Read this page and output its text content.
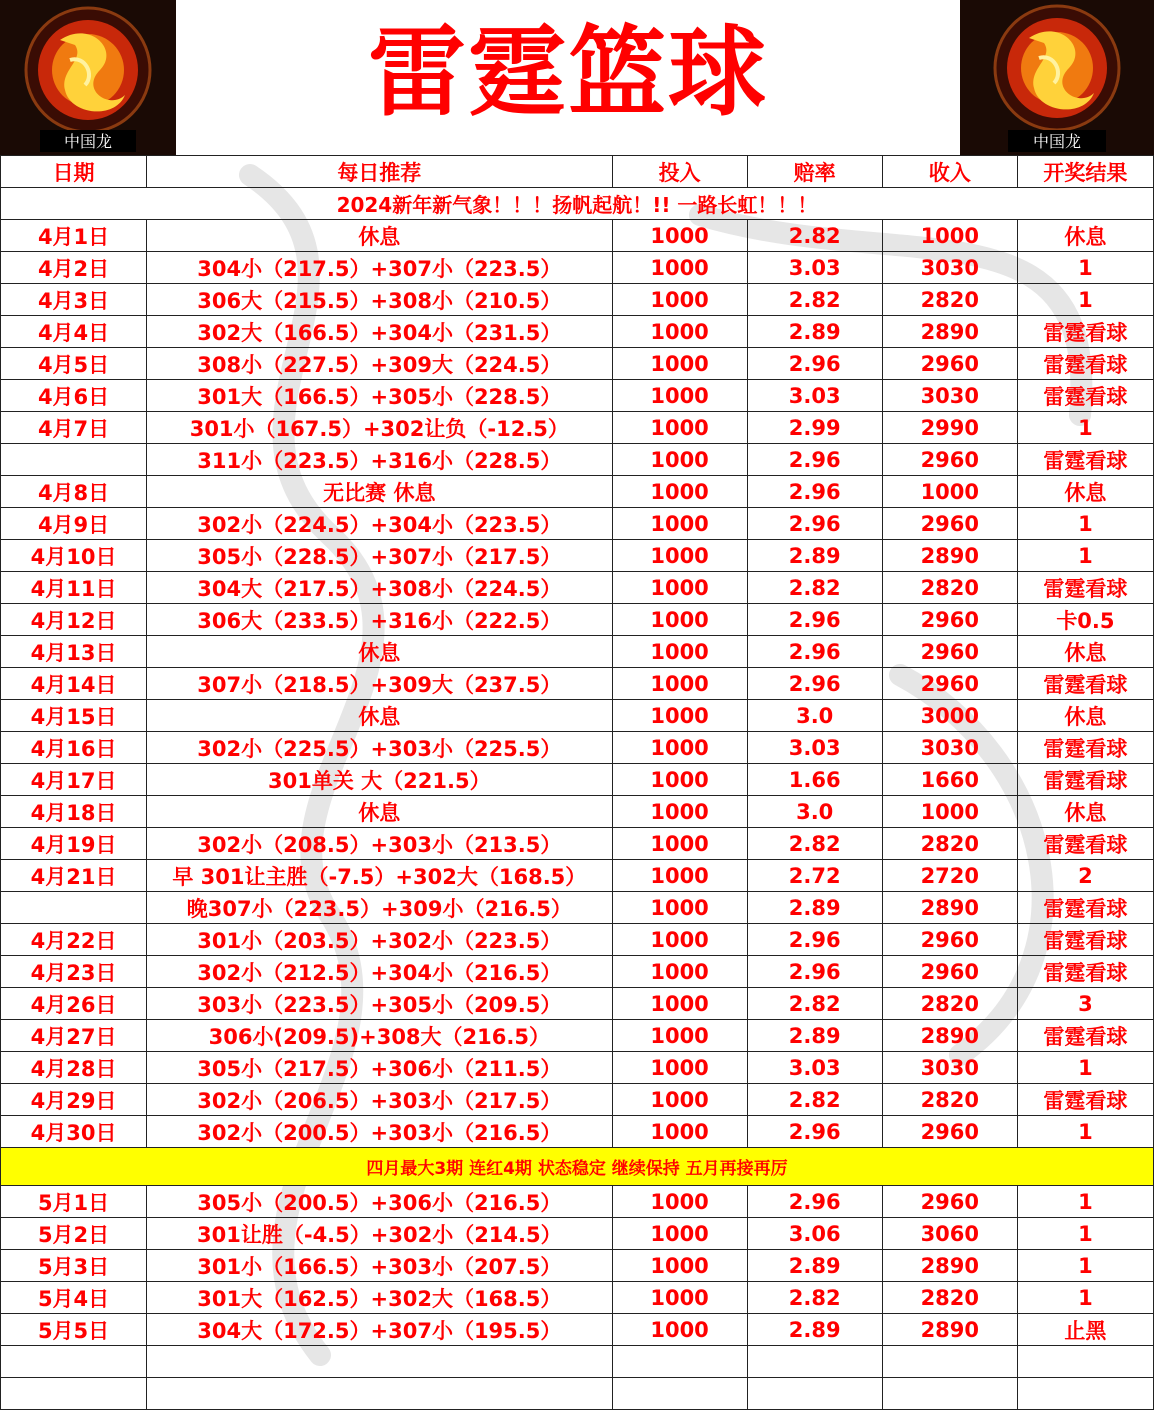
中国龙
雷霆篮球
中国龙
日期	每日推荐	投入	赔率	收入	开奖结果
2024新年新气象！！！扬帆起航！!! 一路长虹！！！					
4月1日	休息	1000	2.82	1000	休息
4月2日	304小（217.5）+307小（223.5）	1000	3.03	3030	1
4月3日	306大（215.5）+308小（210.5）	1000	2.82	2820	1
4月4日	302大（166.5）+304小（231.5）	1000	2.89	2890	雷霆看球
4月5日	308小（227.5）+309大（224.5）	1000	2.96	2960	雷霆看球
4月6日	301大（166.5）+305小（228.5）	1000	3.03	3030	雷霆看球
4月7日	301小（167.5）+302让负（-12.5）	1000	2.99	2990	1
	311小（223.5）+316小（228.5）	1000	2.96	2960	雷霆看球
4月8日	无比赛 休息	1000	2.96	1000	休息
4月9日	302小（224.5）+304小（223.5）	1000	2.96	2960	1
4月10日	305小（228.5）+307小（217.5）	1000	2.89	2890	1
4月11日	304大（217.5）+308小（224.5）	1000	2.82	2820	雷霆看球
4月12日	306大（233.5）+316小（222.5）	1000	2.96	2960	卡0.5
4月13日	休息	1000	2.96	2960	休息
4月14日	307小（218.5）+309大（237.5）	1000	2.96	2960	雷霆看球
4月15日	休息	1000	3.0	3000	休息
4月16日	302小（225.5）+303小（225.5）	1000	3.03	3030	雷霆看球
4月17日	301单关 大（221.5）	1000	1.66	1660	雷霆看球
4月18日	休息	1000	3.0	1000	休息
4月19日	302小（208.5）+303小（213.5）	1000	2.82	2820	雷霆看球
4月21日	早 301让主胜（-7.5）+302大（168.5）	1000	2.72	2720	2
	晚307小（223.5）+309小（216.5）	1000	2.89	2890	雷霆看球
4月22日	301小（203.5）+302小（223.5）	1000	2.96	2960	雷霆看球
4月23日	302小（212.5）+304小（216.5）	1000	2.96	2960	雷霆看球
4月26日	303小（223.5）+305小（209.5）	1000	2.82	2820	3
4月27日	306小(209.5)+308大（216.5）	1000	2.89	2890	雷霆看球
4月28日	305小（217.5）+306小（211.5）	1000	3.03	3030	1
4月29日	302小（206.5）+303小（217.5）	1000	2.82	2820	雷霆看球
4月30日	302小（200.5）+303小（216.5）	1000	2.96	2960	1
四月最大3期 连红4期 状态稳定 继续保持 五月再接再厉					
5月1日	305小（200.5）+306小（216.5）	1000	2.96	2960	1
5月2日	301让胜（-4.5）+302小（214.5）	1000	3.06	3060	1
5月3日	301小（166.5）+303小（207.5）	1000	2.89	2890	1
5月4日	301大（162.5）+302大（168.5）	1000	2.82	2820	1
5月5日	304大（172.5）+307小（195.5）	1000	2.89	2890	止黑
